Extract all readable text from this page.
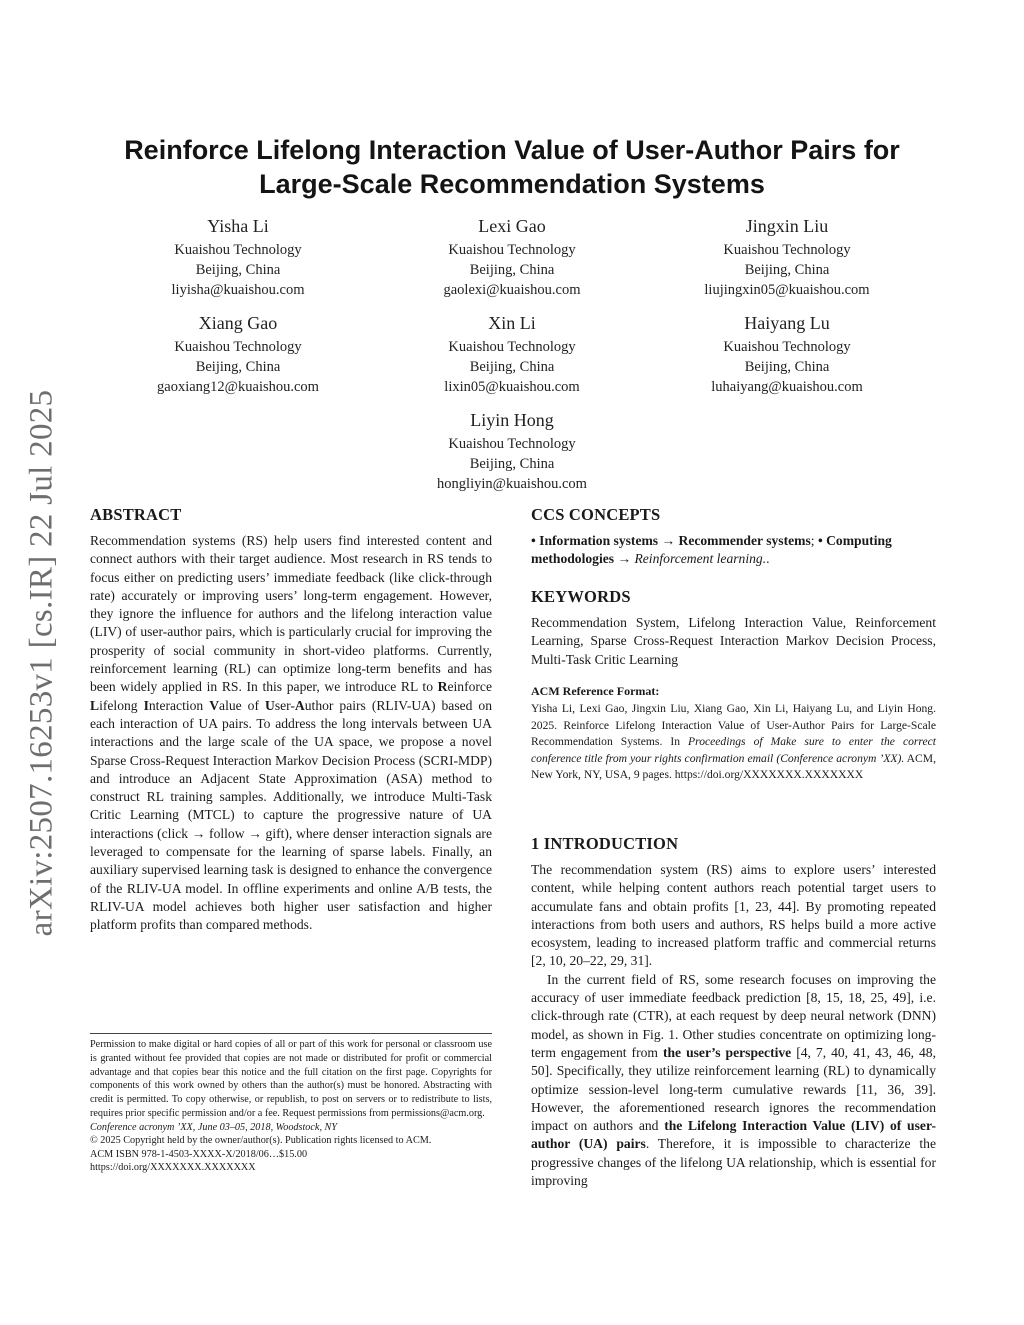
arXiv:2507.16253v1 [cs.IR] 22 Jul 2025
Reinforce Lifelong Interaction Value of User-Author Pairs for
Large-Scale Recommendation Systems
Yisha Li
Kuaishou Technology
Beijing, China
liyisha@kuaishou.com
Lexi Gao
Kuaishou Technology
Beijing, China
gaolexi@kuaishou.com
Jingxin Liu
Kuaishou Technology
Beijing, China
liujingxin05@kuaishou.com
Xiang Gao
Kuaishou Technology
Beijing, China
gaoxiang12@kuaishou.com
Xin Li
Kuaishou Technology
Beijing, China
lixin05@kuaishou.com
Haiyang Lu
Kuaishou Technology
Beijing, China
luhaiyang@kuaishou.com
Liyin Hong
Kuaishou Technology
Beijing, China
hongliyin@kuaishou.com
ABSTRACT

Recommendation systems (RS) help users find interested content and connect authors with their target audience. Most research in RS tends to focus either on predicting users’ immediate feedback (like click-through rate) accurately or improving users’ long-term engagement. However, they ignore the influence for authors and the lifelong interaction value (LIV) of user-author pairs, which is particularly crucial for improving the prosperity of social community in short-video platforms. Currently, reinforcement learning (RL) can optimize long-term benefits and has been widely applied in RS. In this paper, we introduce RL to Reinforce Lifelong Interaction Value of User-Author pairs (RLIV-UA) based on each interaction of UA pairs. To address the long intervals between UA interactions and the large scale of the UA space, we propose a novel Sparse Cross-Request Interaction Markov Decision Process (SCRI-MDP) and introduce an Adjacent State Approximation (ASA) method to construct RL training samples. Additionally, we introduce Multi-Task Critic Learning (MTCL) to capture the progressive nature of UA interactions (click → follow → gift), where denser interaction signals are leveraged to compensate for the learning of sparse labels. Finally, an auxiliary supervised learning task is designed to enhance the convergence of the RLIV-UA model. In offline experiments and online A/B tests, the RLIV-UA model achieves both higher user satisfaction and higher platform profits than compared methods.

Permission to make digital or hard copies of all or part of this work for personal or classroom use is granted without fee provided that copies are not made or distributed for profit or commercial advantage and that copies bear this notice and the full citation on the first page. Copyrights for components of this work owned by others than the author(s) must be honored. Abstracting with credit is permitted. To copy otherwise, or republish, to post on servers or to redistribute to lists, requires prior specific permission and/or a fee. Request permissions from permissions@acm.org.

Conference acronym ’XX, June 03–05, 2018, Woodstock, NY
© 2025 Copyright held by the owner/author(s). Publication rights licensed to ACM.
ACM ISBN 978-1-4503-XXXX-X/2018/06…$15.00
https://doi.org/XXXXXXX.XXXXXXX
CCS CONCEPTS

• Information systems → Recommender systems; • Computing methodologies → Reinforcement learning..

KEYWORDS

Recommendation System, Lifelong Interaction Value, Reinforcement Learning, Sparse Cross-Request Interaction Markov Decision Process, Multi-Task Critic Learning

ACM Reference Format:

Yisha Li, Lexi Gao, Jingxin Liu, Xiang Gao, Xin Li, Haiyang Lu, and Liyin Hong. 2025. Reinforce Lifelong Interaction Value of User-Author Pairs for Large-Scale Recommendation Systems. In Proceedings of Make sure to enter the correct conference title from your rights confirmation email (Conference acronym ’XX). ACM, New York, NY, USA, 9 pages. https://doi.org/XXXXXXX.XXXXXXX

1 INTRODUCTION

The recommendation system (RS) aims to explore users’ interested content, while helping content authors reach potential target users to accumulate fans and obtain profits [1, 23, 44]. By promoting repeated interactions from both users and authors, RS helps build a more active ecosystem, leading to increased platform traffic and commercial returns [2, 10, 20–22, 29, 31].

In the current field of RS, some research focuses on improving the accuracy of user immediate feedback prediction [8, 15, 18, 25, 49], i.e. click-through rate (CTR), at each request by deep neural network (DNN) model, as shown in Fig. 1. Other studies concentrate on optimizing long-term engagement from the user’s perspective [4, 7, 40, 41, 43, 46, 48, 50]. Specifically, they utilize reinforcement learning (RL) to dynamically optimize session-level long-term cumulative rewards [11, 36, 39]. However, the aforementioned research ignores the recommendation impact on authors and the Lifelong Interaction Value (LIV) of user-author (UA) pairs. Therefore, it is impossible to characterize the progressive changes of the lifelong UA relationship, which is essential for improving
